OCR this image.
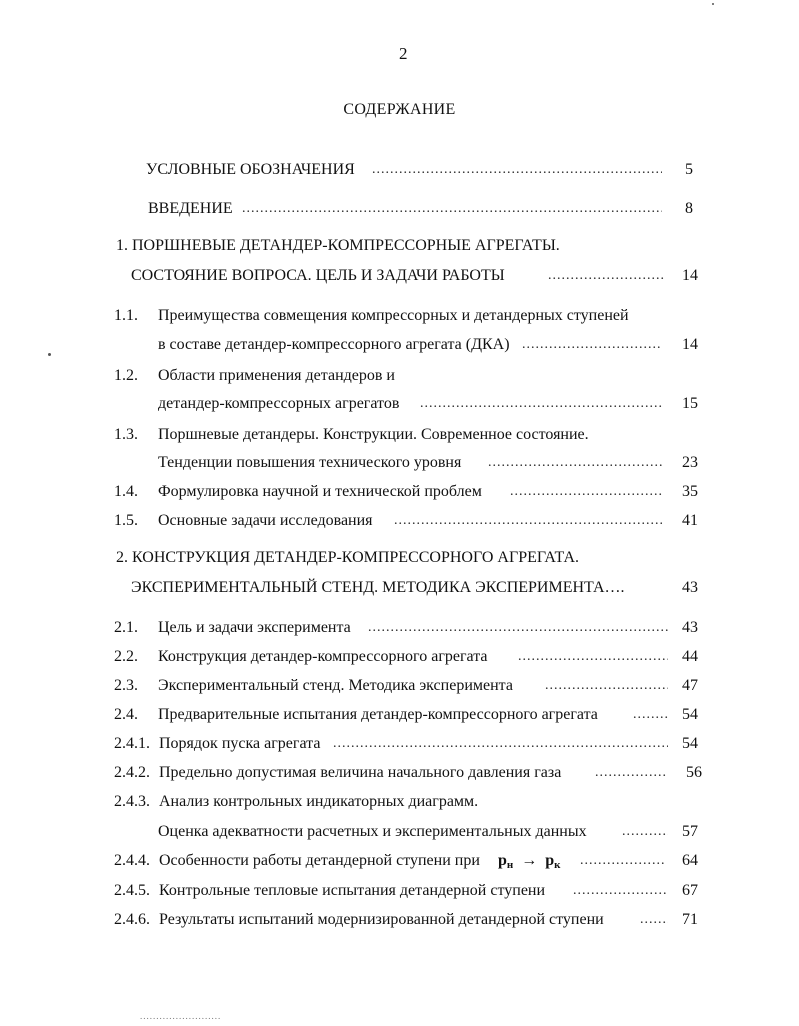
2
СОДЕРЖАНИЕ
УСЛОВНЫЕ ОБОЗНАЧЕНИЯ .....	5
ВВЕДЕНИЕ .....	8
1. ПОРШНЕВЫЕ ДЕТАНДЕР-КОМПРЕССОРНЫЕ АГРЕГАТЫ.
СОСТОЯНИЕ ВОПРОСА. ЦЕЛЬ И ЗАДАЧИ РАБОТЫ .....	14
1.1. Преимущества совмещения компрессорных и детандерных ступеней
в составе детандер-компрессорного агрегата (ДКА) .....	14
1.2. Области применения детандеров и
детандер-компрессорных агрегатов .....	15
1.3. Поршневые детандеры. Конструкции. Современное состояние.
Тенденции повышения технического уровня .....	23
1.4. Формулировка научной и технической проблем .....	35
1.5. Основные задачи исследования .....	41
2. КОНСТРУКЦИЯ ДЕТАНДЕР-КОМПРЕССОРНОГО АГРЕГАТА.
ЭКСПЕРИМЕНТАЛЬНЫЙ СТЕНД. МЕТОДИКА ЭКСПЕРИМЕНТА….	43
2.1. Цель и задачи эксперимента .....	43
2.2. Конструкция детандер-компрессорного агрегата .....	44
2.3. Экспериментальный стенд. Методика эксперимента .....	47
2.4. Предварительные испытания детандер-компрессорного агрегата .....	54
2.4.1. Порядок пуска агрегата .....	54
2.4.2. Предельно допустимая величина начального давления газа .....	56
2.4.3. Анализ контрольных индикаторных диаграмм.
Оценка адекватности расчетных и экспериментальных данных .....	57
2.4.4. Особенности работы детандерной ступени при $p_н \to p_к$ .....	64
2.4.5. Контрольные тепловые испытания детандерной ступени .....	67
2.4.6. Результаты испытаний модернизированной детандерной ступени .....	71
.....
